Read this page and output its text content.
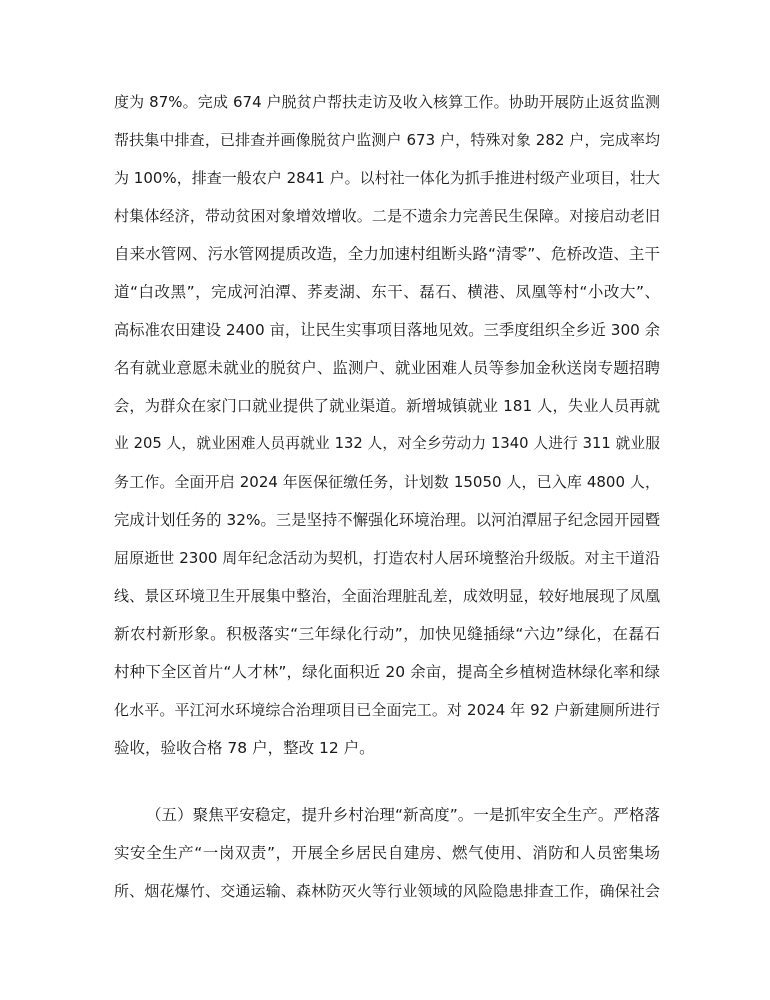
度为 87%。完成 674 户脱贫户帮扶走访及收入核算工作。协助开展防止返贫监测
帮扶集中排查，已排查并画像脱贫户监测户 673 户，特殊对象 282 户，完成率均
为 100%，排查一般农户 2841 户。以村社一体化为抓手推进村级产业项目，壮大
村集体经济，带动贫困对象增效增收。二是不遗余力完善民生保障。对接启动老旧
自来水管网、污水管网提质改造，全力加速村组断头路“清零”、危桥改造、主干
道“白改黑”，完成河泊潭、荞麦湖、东干、磊石、横港、凤凰等村“小改大”、
高标准农田建设 2400 亩，让民生实事项目落地见效。三季度组织全乡近 300 余
名有就业意愿未就业的脱贫户、监测户、就业困难人员等参加金秋送岗专题招聘
会，为群众在家门口就业提供了就业渠道。新增城镇就业 181 人，失业人员再就
业 205 人，就业困难人员再就业 132 人，对全乡劳动力 1340 人进行 311 就业服
务工作。全面开启 2024 年医保征缴任务，计划数 15050 人，已入库 4800 人，
完成计划任务的 32%。三是坚持不懈强化环境治理。以河泊潭屈子纪念园开园暨
屈原逝世 2300 周年纪念活动为契机，打造农村人居环境整治升级版。对主干道沿
线、景区环境卫生开展集中整治，全面治理脏乱差，成效明显，较好地展现了凤凰
新农村新形象。积极落实“三年绿化行动”，加快见缝插绿“六边”绿化，在磊石
村种下全区首片“人才林”，绿化面积近 20 余亩，提高全乡植树造林绿化率和绿
化水平。平江河水环境综合治理项目已全面完工。对 2024 年 92 户新建厕所进行
验收，验收合格 78 户，整改 12 户。
（五）聚焦平安稳定，提升乡村治理“新高度”。一是抓牢安全生产。严格落
实安全生产“一岗双责”，开展全乡居民自建房、燃气使用、消防和人员密集场
所、烟花爆竹、交通运输、森林防灭火等行业领域的风险隐患排查工作，确保社会
